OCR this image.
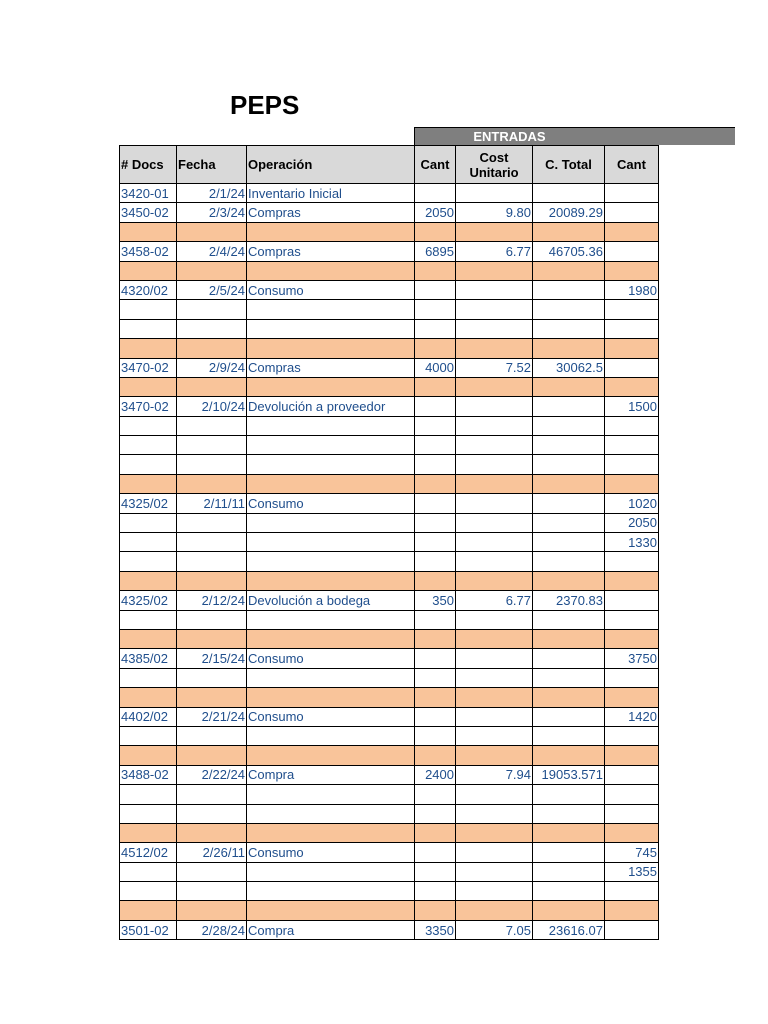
PEPS
ENTRADAS
# Docs	Fecha	Operación	Cant	Cost Unitario	C. Total	Cant
3420-01	2/1/24	Inventario Inicial				
3450-02	2/3/24	Compras	2050	9.80	20089.29	

3458-02	2/4/24	Compras	6895	6.77	46705.36	

4320/02	2/5/24	Consumo				1980

3470-02	2/9/24	Compras	4000	7.52	30062.5	

3470-02	2/10/24	Devolución a proveedor				1500

4325/02	2/11/11	Consumo				1020
						2050
						1330

4325/02	2/12/24	Devolución a bodega	350	6.77	2370.83	

4385/02	2/15/24	Consumo				3750

4402/02	2/21/24	Consumo				1420

3488-02	2/22/24	Compra	2400	7.94	19053.571	

4512/02	2/26/11	Consumo				745
						1355

3501-02	2/28/24	Compra	3350	7.05	23616.07	
